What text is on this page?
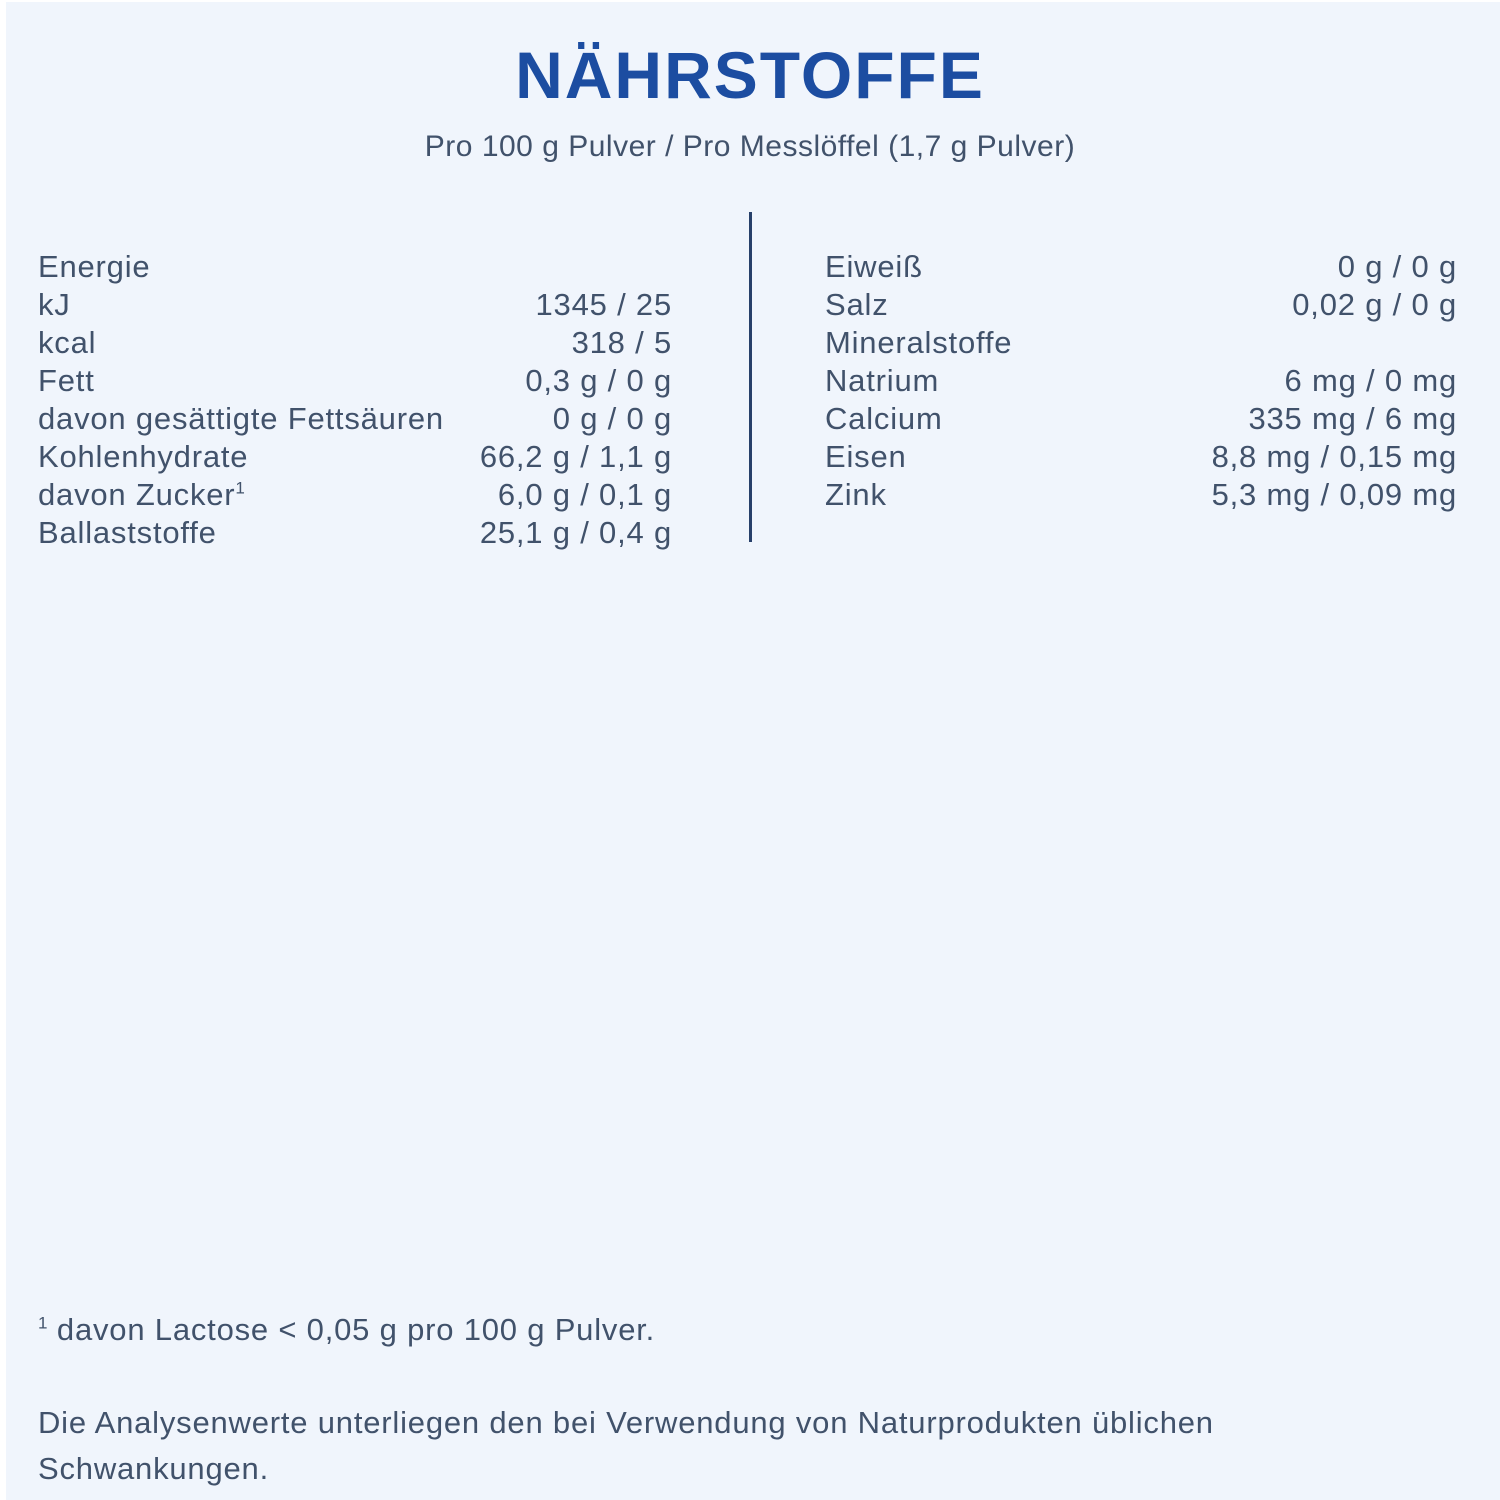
NÄHRSTOFFE
Pro 100 g Pulver / Pro Messlöffel (1,7 g Pulver)
Energie
kJ	1345 / 25
kcal	318 / 5
Fett	0,3 g / 0 g
davon gesättigte Fettsäuren	0 g / 0 g
Kohlenhydrate	66,2 g / 1,1 g
davon Zucker$^1$	6,0 g / 0,1 g
Ballaststoffe	25,1 g / 0,4 g
Eiweiß	0 g / 0 g
Salz	0,02 g / 0 g
Mineralstoffe
Natrium	6 mg / 0 mg
Calcium	335 mg / 6 mg
Eisen	8,8 mg / 0,15 mg
Zink	5,3 mg / 0,09 mg

$^1$ davon Lactose < 0,05 g pro 100 g Pulver.

Die Analysenwerte unterliegen den bei Verwendung von Naturprodukten üblichen Schwankungen.
